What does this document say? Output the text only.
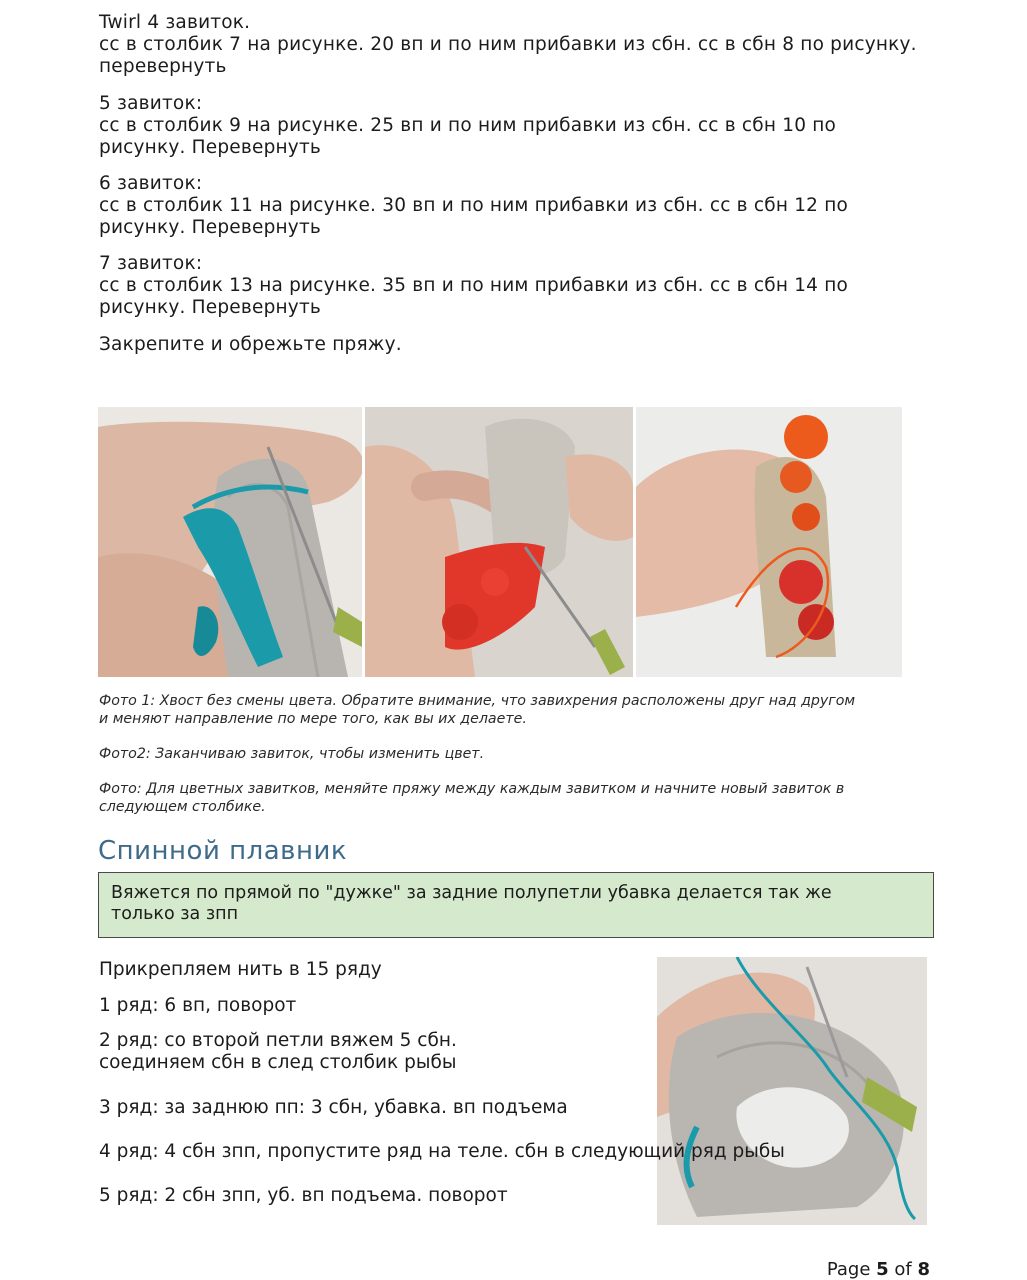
Twirl 4 завиток.
сс в столбик 7 на рисунке. 20 вп и по ним прибавки из сбн. сс в сбн 8 по рисунку.
перевернуть
5 завиток:
сс в столбик 9 на рисунке. 25 вп и по ним прибавки из сбн. сс в сбн 10 по
рисунку. Перевернуть
6 завиток:
сс в столбик 11 на рисунке. 30 вп и по ним прибавки из сбн. сс в сбн 12 по
рисунку. Перевернуть
7 завиток:
сс в столбик 13 на рисунке. 35 вп и по ним прибавки из сбн. сс в сбн 14 по
рисунку. Перевернуть
Закрепите и обрежьте пряжу.
Фото 1: Хвост без смены цвета. Обратите внимание, что завихрения расположены друг над другом
и меняют направление по мере того, как вы их делаете.
Фото2: Заканчиваю завиток, чтобы изменить цвет.
Фото: Для цветных завитков, меняйте пряжу между каждым завитком и начните новый завиток в
следующем столбике.
Спинной плавник
Вяжется по прямой по "дужке" за задние полупетли убавка делается так же
только за зпп
Прикрепляем нить в 15 ряду
1 ряд: 6 вп, поворот
2 ряд: со второй петли вяжем 5 сбн.
соединяем сбн в след столбик рыбы
3 ряд: за заднюю пп: 3 сбн, убавка. вп подъема
4 ряд: 4 сбн зпп, пропустите ряд на теле. сбн в следующий ряд рыбы
5 ряд: 2 сбн зпп, уб. вп подъема. поворот
Page 5 of 8
